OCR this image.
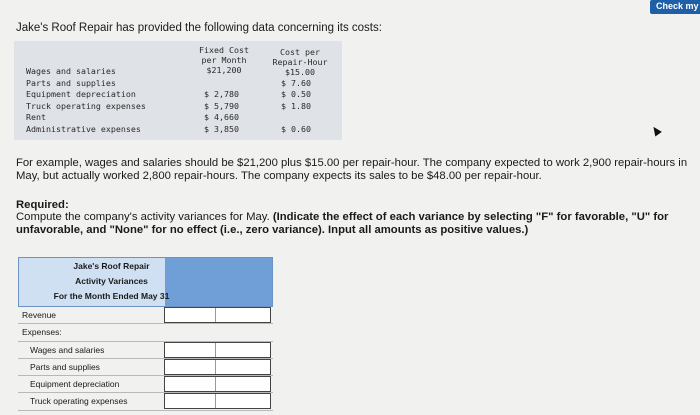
Check my
Jake's Roof Repair has provided the following data concerning its costs:
Fixed Cost
per Month
$21,200
Cost per
Repair-Hour
$15.00
Wages and salaries
Parts and supplies
Equipment depreciation
Truck operating expenses
Rent
Administrative expenses

$ 2,780
$ 5,790
$ 4,660
$ 3,850

$ 7.60
$ 0.50
$ 1.80

$ 0.60
For example, wages and salaries should be $21,200 plus $15.00 per repair-hour. The company expected to work 2,900 repair-hours in May, but actually worked 2,800 repair-hours. The company expects its sales to be $48.00 per repair-hour.
Required:
Compute the company's activity variances for May. (Indicate the effect of each variance by selecting "F" for favorable, "U" for unfavorable, and "None" for no effect (i.e., zero variance). Input all amounts as positive values.)
Jake's Roof Repair
Activity Variances
For the Month Ended May 31
Revenue
Expenses:
Wages and salaries
Parts and supplies
Equipment depreciation
Truck operating expenses
